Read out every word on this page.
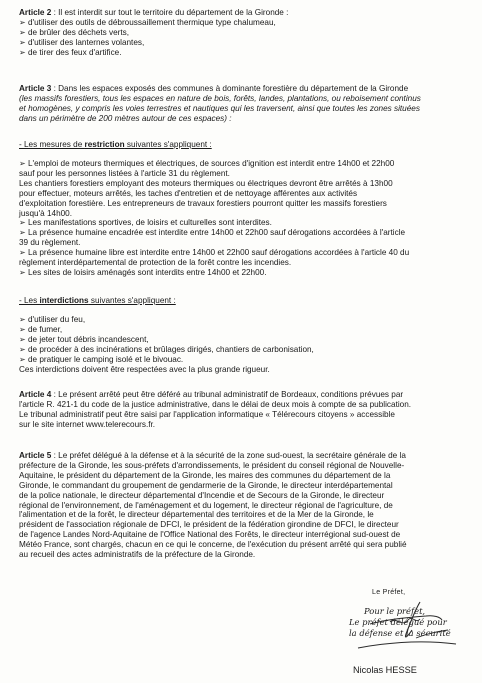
Article 2 : Il est interdit sur tout le territoire du département de la Gironde :
➢ d'utiliser des outils de débroussaillement thermique type chalumeau,
➢ de brûler des déchets verts,
➢ d'utiliser des lanternes volantes,
➢ de tirer des feux d'artifice.
Article 3 : Dans les espaces exposés des communes à dominante forestière du département de la Gironde
(les massifs forestiers, tous les espaces en nature de bois, forêts, landes, plantations, ou reboisement continus
et homogènes, y compris les voies terrestres et nautiques qui les traversent, ainsi que toutes les zones situées
dans un périmètre de 200 mètres autour de ces espaces) :
- Les mesures de restriction suivantes s'appliquent :
➢ L'emploi de moteurs thermiques et électriques, de sources d'ignition est interdit entre 14h00 et 22h00
sauf pour les personnes listées à l'article 31 du règlement.
Les chantiers forestiers employant des moteurs thermiques ou électriques devront être arrêtés à 13h00
pour effectuer, moteurs arrêtés, les taches d'entretien et de nettoyage afférentes aux activités
d'exploitation forestière. Les entrepreneurs de travaux forestiers pourront quitter les massifs forestiers
jusqu'à 14h00.
➢ Les manifestations sportives, de loisirs et culturelles sont interdites.
➢ La présence humaine encadrée est interdite entre 14h00 et 22h00 sauf dérogations accordées à l'article
39 du règlement.
➢ La présence humaine libre est interdite entre 14h00 et 22h00 sauf dérogations accordées à l'article 40 du
règlement interdépartemental de protection de la forêt contre les incendies.
➢ Les sites de loisirs aménagés sont interdits entre 14h00 et 22h00.
- Les interdictions suivantes s'appliquent :
➢ d'utiliser du feu,
➢ de fumer,
➢ de jeter tout débris incandescent,
➢ de procéder à des incinérations et brûlages dirigés, chantiers de carbonisation,
➢ de pratiquer le camping isolé et le bivouac.
Ces interdictions doivent être respectées avec la plus grande rigueur.
Article 4 : Le présent arrêté peut être déféré au tribunal administratif de Bordeaux, conditions prévues par
l'article R. 421-1 du code de la justice administrative, dans le délai de deux mois à compte de sa publication.
Le tribunal administratif peut être saisi par l'application informatique « Télérecours citoyens » accessible
sur le site internet www.telerecours.fr.
Article 5 : Le préfet délégué à la défense et à la sécurité de la zone sud-ouest, la secrétaire générale de la
préfecture de la Gironde, les sous-préfets d'arrondissements, le président du conseil régional de Nouvelle-
Aquitaine, le président du département de la Gironde, les maires des communes du département de la
Gironde, le commandant du groupement de gendarmerie de la Gironde, le directeur interdépartemental
de la police nationale, le directeur départemental d'Incendie et de Secours de la Gironde, le directeur
régional de l'environnement, de l'aménagement et du logement, le directeur régional de l'agriculture, de
l'alimentation et de la forêt, le directeur départemental des territoires et de la Mer de la Gironde, le
président de l'association régionale de DFCI, le président de la fédération girondine de DFCI, le directeur
de l'agence Landes Nord-Aquitaine de l'Office National des Forêts, le directeur interrégional sud-ouest de
Météo France, sont chargés, chacun en ce qui le concerne, de l'exécution du présent arrêté qui sera publié
au recueil des actes administratifs de la préfecture de la Gironde.
Le Préfet,
Pour le préfet,
Le préfet délégué pour
la défense et la sécurité
Nicolas HESSE
